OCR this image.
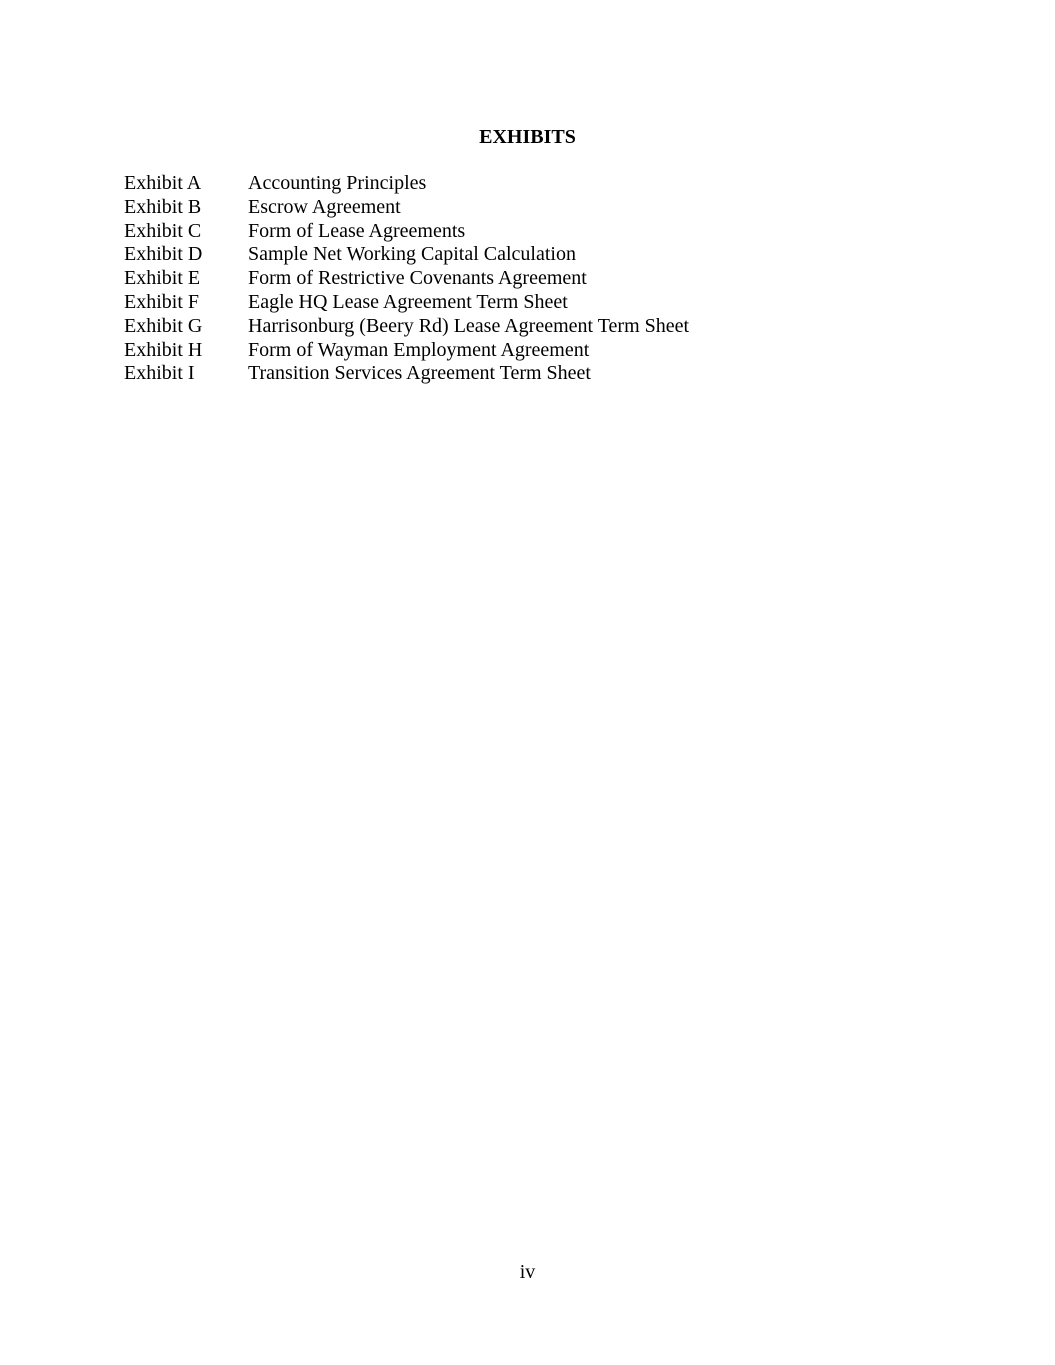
EXHIBITS
Exhibit A	Accounting Principles
Exhibit B	Escrow Agreement
Exhibit C	Form of Lease Agreements
Exhibit D	Sample Net Working Capital Calculation
Exhibit E	Form of Restrictive Covenants Agreement
Exhibit F	Eagle HQ Lease Agreement Term Sheet
Exhibit G	Harrisonburg (Beery Rd) Lease Agreement Term Sheet
Exhibit H	Form of Wayman Employment Agreement
Exhibit I	Transition Services Agreement Term Sheet
iv
